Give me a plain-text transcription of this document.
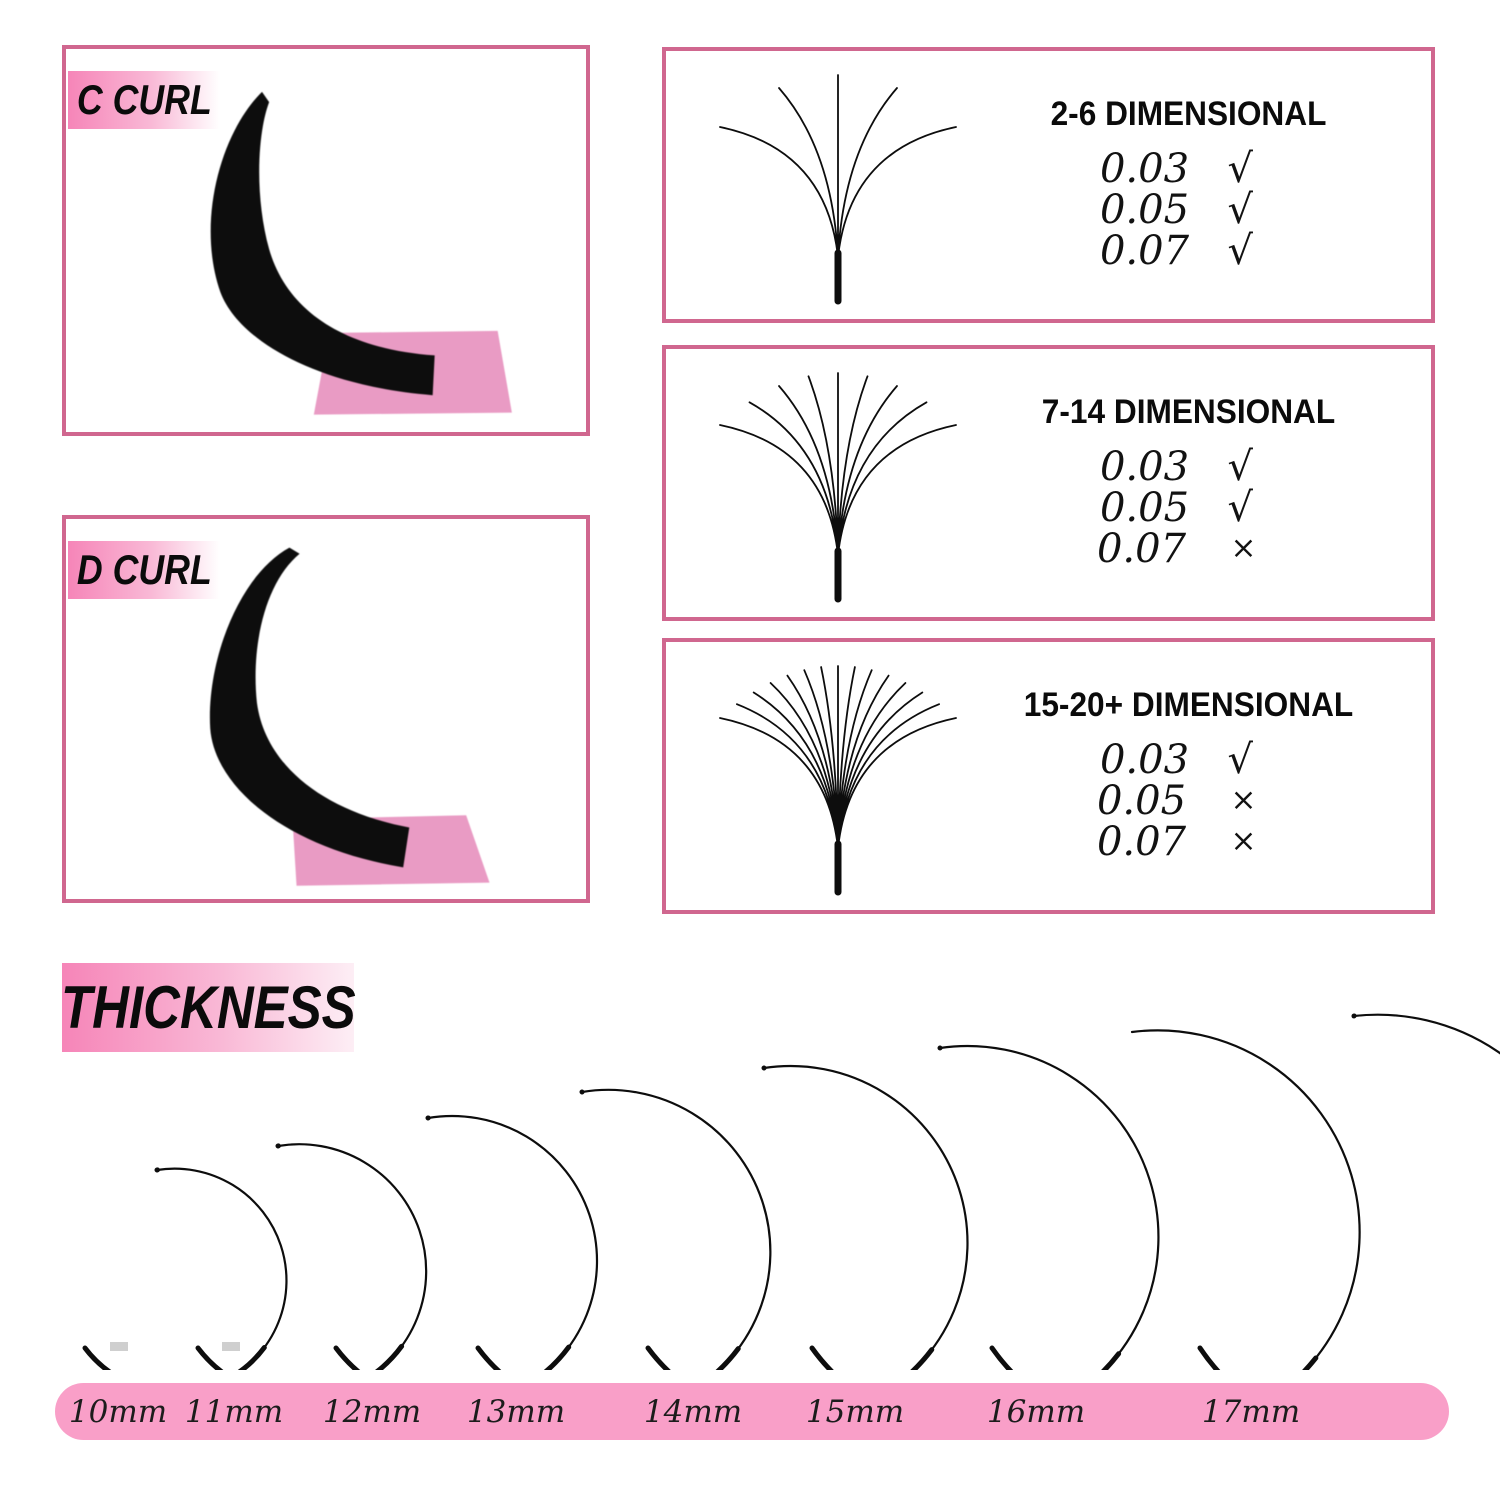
C CURL
D CURL
2-6 DIMENSIONAL
0.03 √
0.05 √
0.07 √
7-14 DIMENSIONAL
0.03 √
0.05 √
0.07	×
15-20+ DIMENSIONAL
0.03 √
0.05	×
0.07	×
THICKNESS
10mm 11mm 12mm 13mm	14mm 15mm	16mm	17mm
